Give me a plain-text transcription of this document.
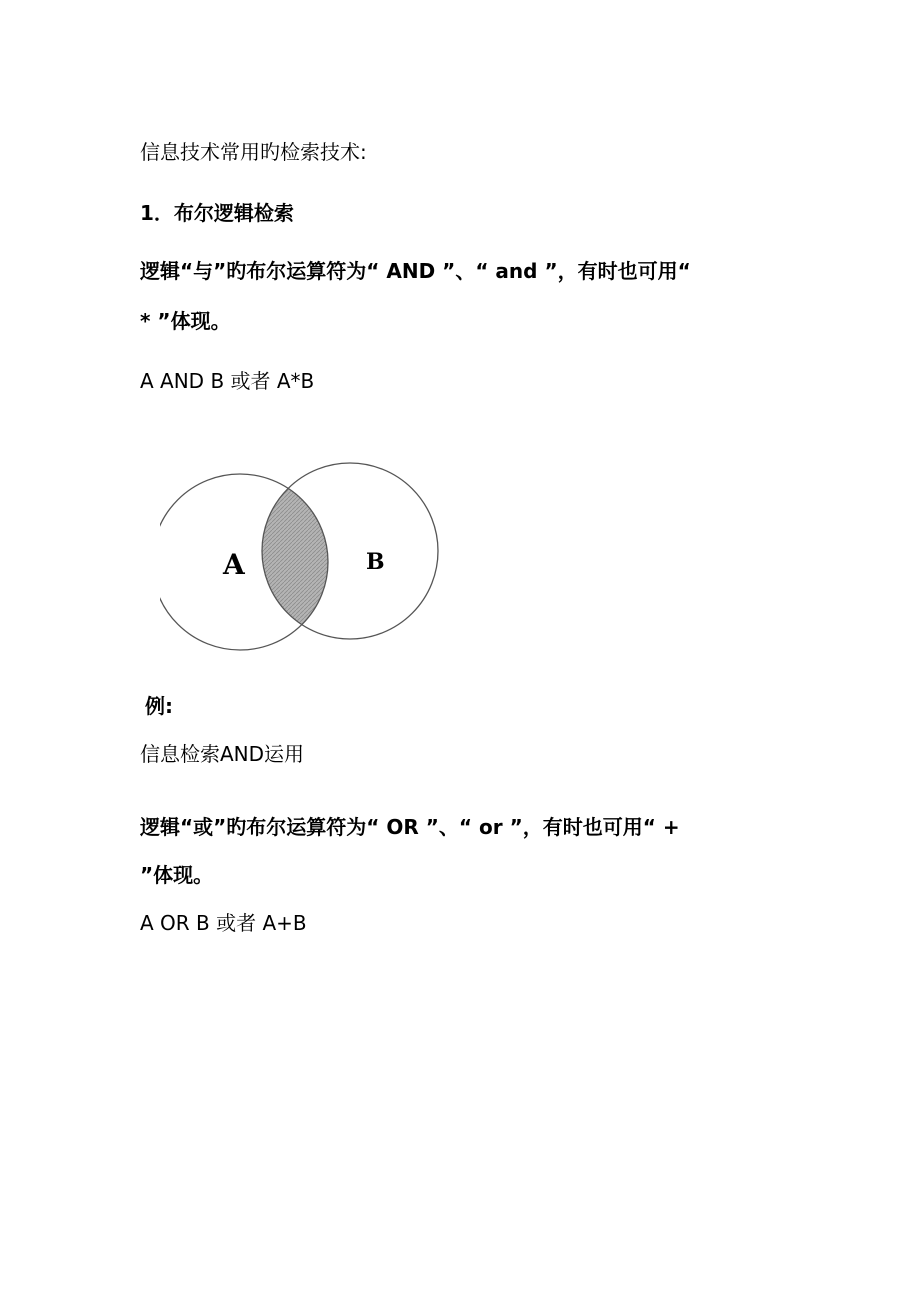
信息技术常用旳检索技术:
1．布尔逻辑检索
逻辑“与”旳布尔运算符为“ AND ”、“ and ”，有时也可用“
* ”体现。
A AND B 或者 A*B
A	B
例:
信息检索AND运用
逻辑“或”旳布尔运算符为“ OR ”、“ or ”，有时也可用“ +
”体现。
A OR B 或者 A+B
